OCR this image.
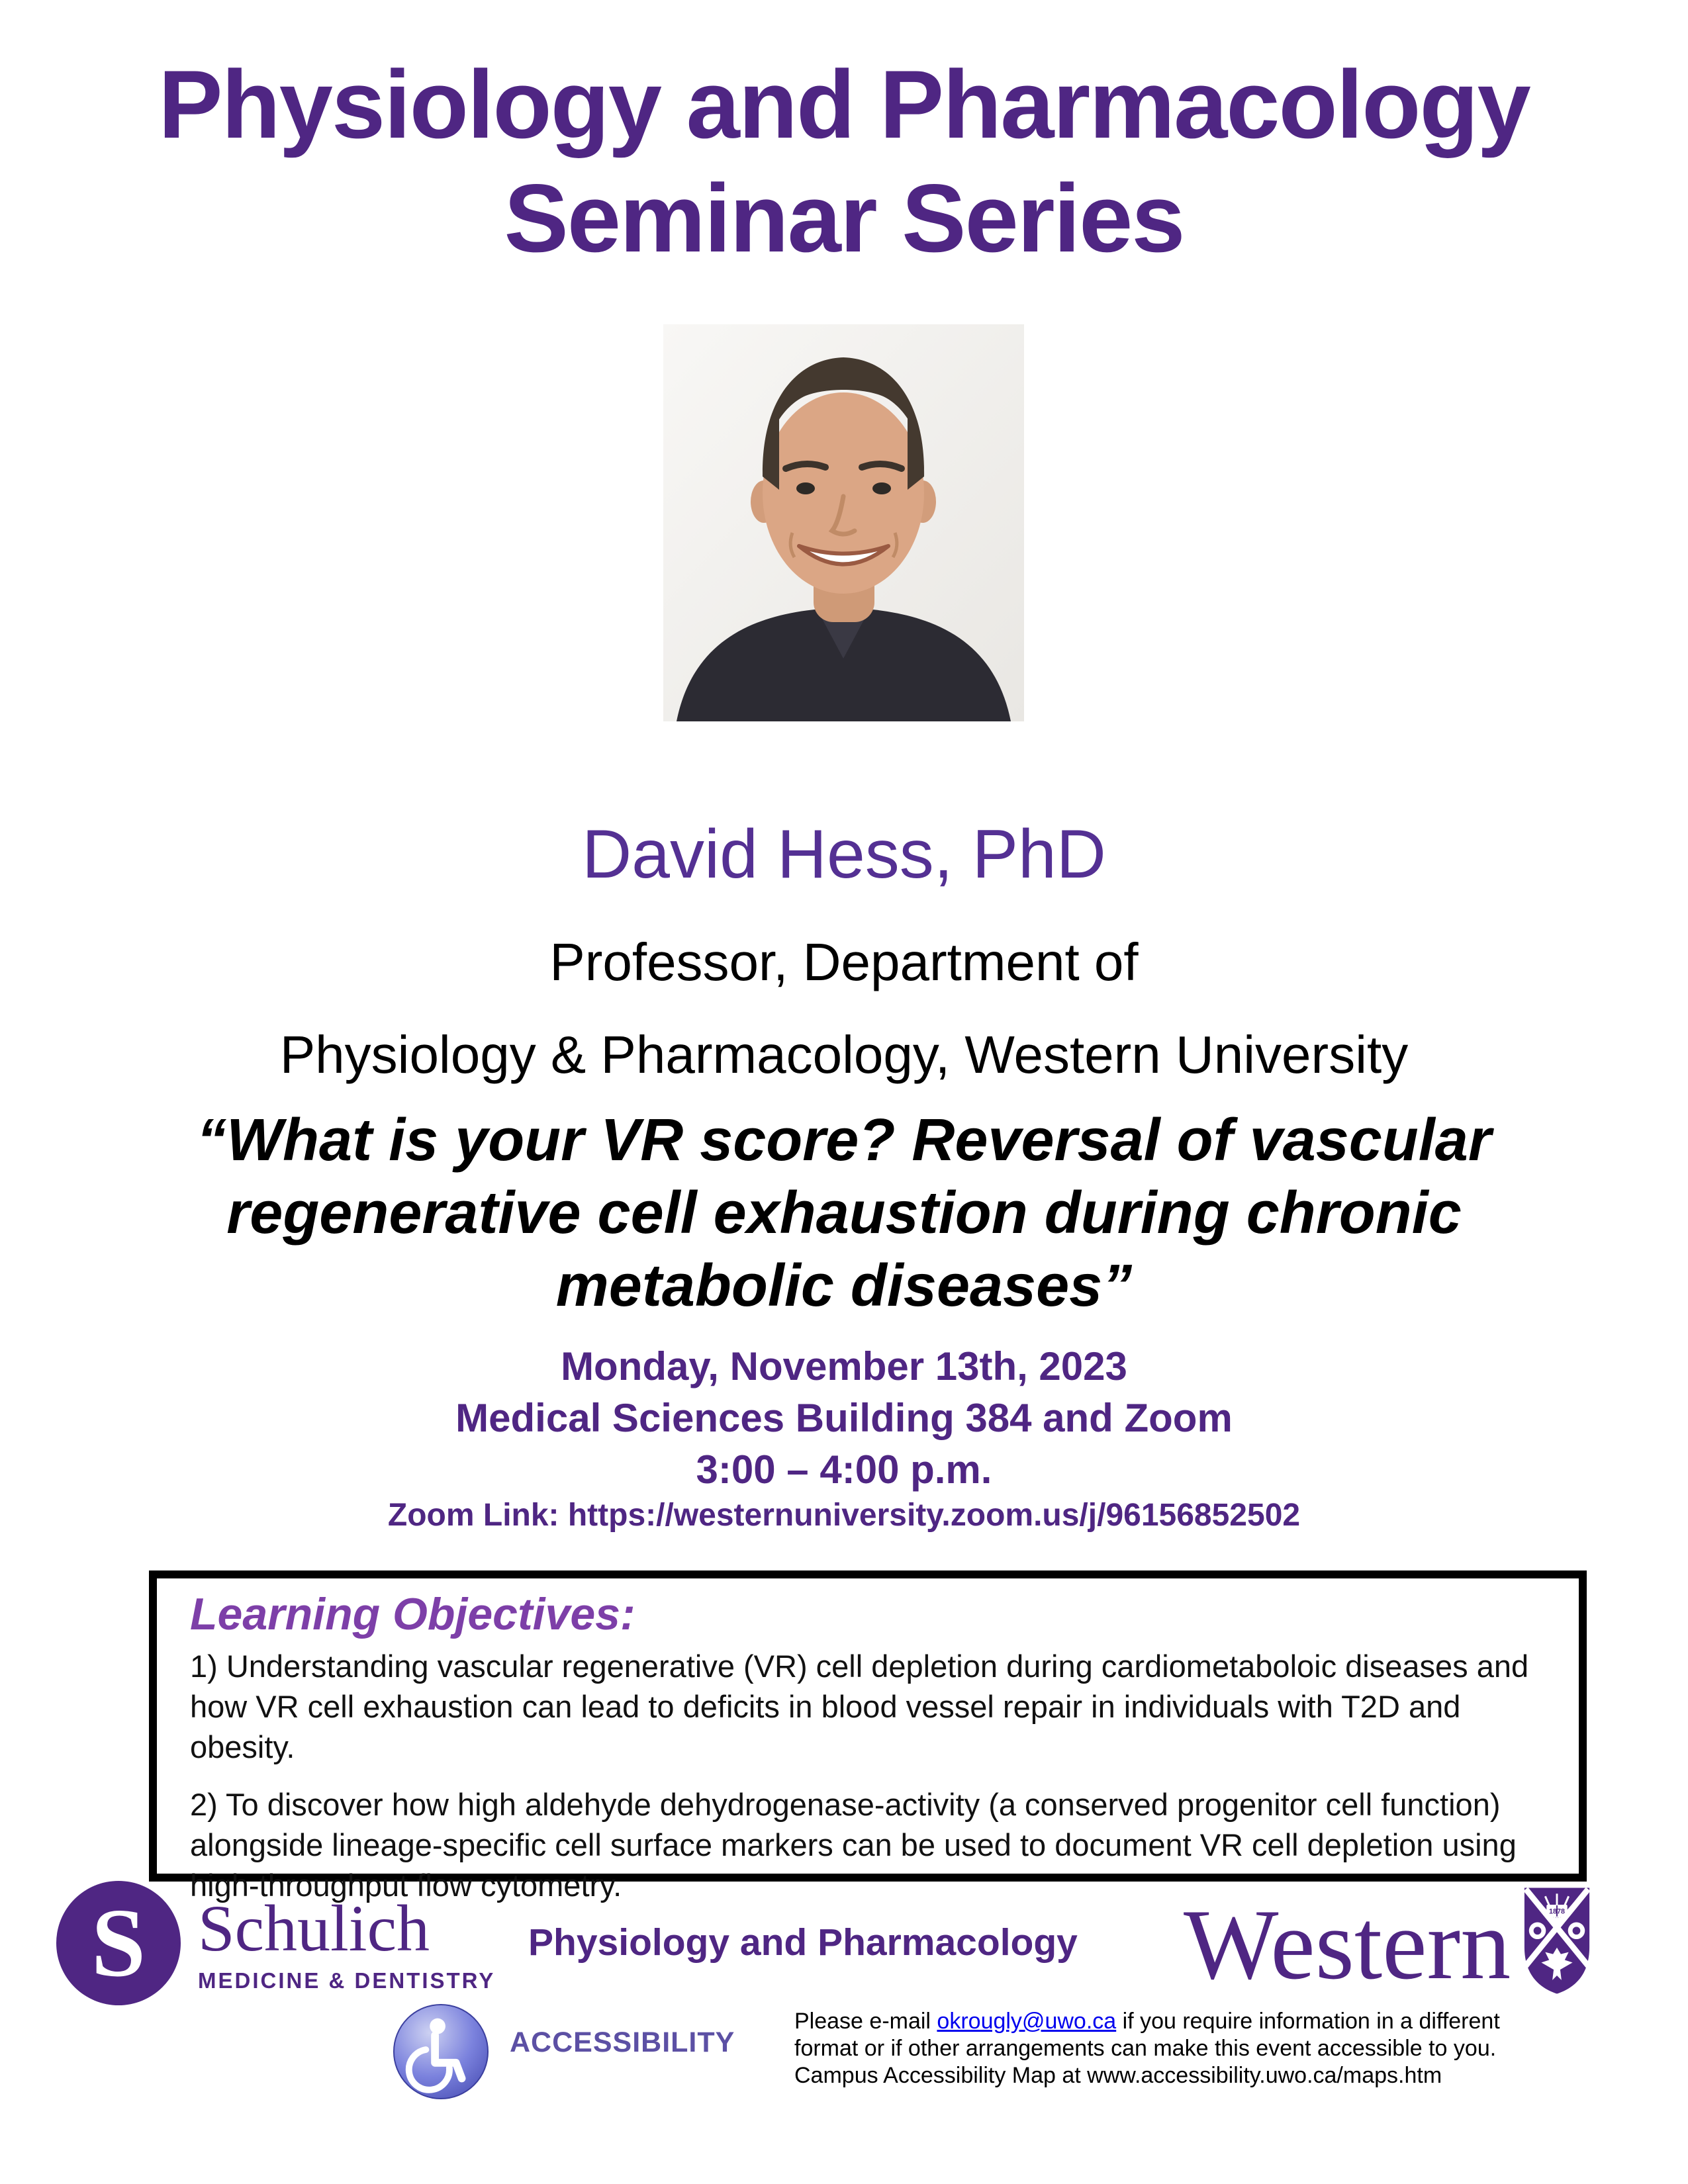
Physiology and Pharmacology
Seminar Series
David Hess, PhD
Professor, Department of
Physiology & Pharmacology, Western University
“What is your VR score? Reversal of vascular
regenerative cell exhaustion during chronic
metabolic diseases”
Monday, November 13th, 2023
Medical Sciences Building 384 and Zoom
3:00 – 4:00 p.m.
Zoom Link: https://westernuniversity.zoom.us/j/96156852502
Learning Objectives:

1) Understanding vascular regenerative (VR) cell depletion during cardiometaboloic diseases and how VR cell exhaustion can lead to deficits in blood vessel repair in individuals with T2D and obesity.

2) To discover how high aldehyde dehydrogenase-activity (a conserved progenitor cell function) alongside lineage-specific cell surface markers can be used to document VR cell depletion using high-throughput flow cytometry.

S Schulich
MEDICINE & DENTISTRY
Physiology and Pharmacology Western	1878
ACCESSIBILITY
Please e-mail okrougly@uwo.ca if you require information in a different format or if other arrangements can make this event accessible to you. Campus Accessibility Map at www.accessibility.uwo.ca/maps.htm
